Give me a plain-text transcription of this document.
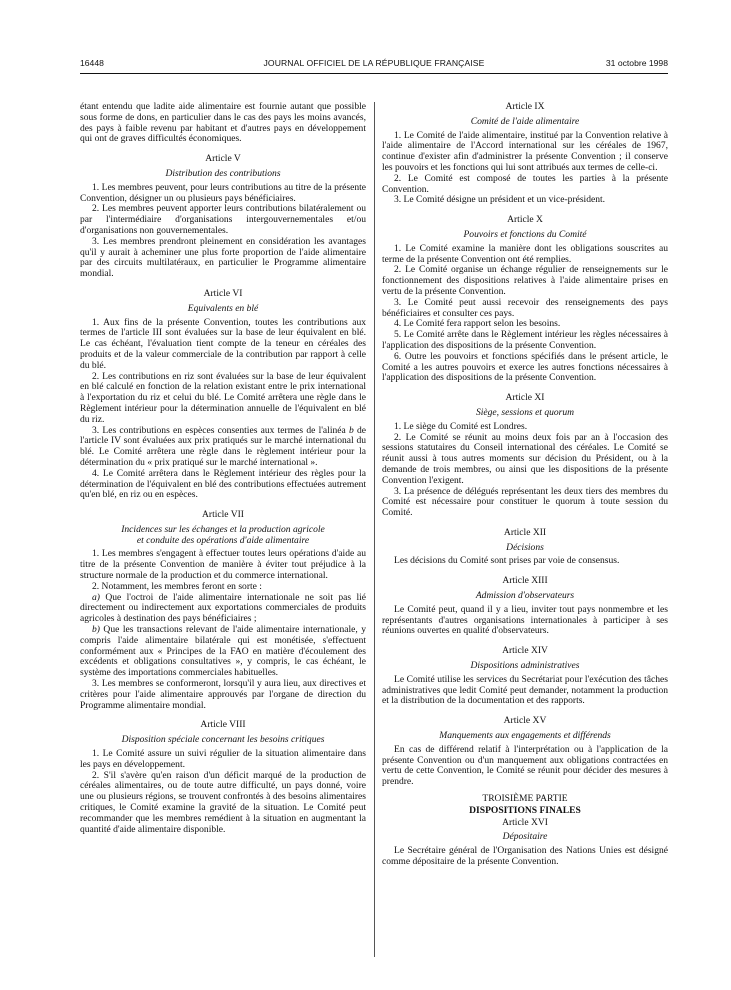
16448	JOURNAL OFFICIEL DE LA RÉPUBLIQUE FRANÇAISE	31 octobre 1998

étant entendu que ladite aide alimentaire est fournie autant que possible sous forme de dons, en particulier dans le cas des pays les moins avancés, des pays à faible revenu par habitant et d'autres pays en développement qui ont de graves difficultés économiques.

Article V
Distribution des contributions

1. Les membres peuvent, pour leurs contributions au titre de la présente Convention, désigner un ou plusieurs pays bénéficiaires.

2. Les membres peuvent apporter leurs contributions bilatéralement ou par l'intermédiaire d'organisations intergouvernementales et/ou d'organisations non gouvernementales.

3. Les membres prendront pleinement en considération les avantages qu'il y aurait à acheminer une plus forte proportion de l'aide alimentaire par des circuits multilatéraux, en particulier le Programme alimentaire mondial.

Article VI
Equivalents en blé

1. Aux fins de la présente Convention, toutes les contributions aux termes de l'article III sont évaluées sur la base de leur équivalent en blé. Le cas échéant, l'évaluation tient compte de la teneur en céréales des produits et de la valeur commerciale de la contribution par rapport à celle du blé.

2. Les contributions en riz sont évaluées sur la base de leur équivalent en blé calculé en fonction de la relation existant entre le prix international à l'exportation du riz et celui du blé. Le Comité arrêtera une règle dans le Règlement intérieur pour la détermination annuelle de l'équivalent en blé du riz.

3. Les contributions en espèces consenties aux termes de l'alinéa b de l'article IV sont évaluées aux prix pratiqués sur le marché international du blé. Le Comité arrêtera une règle dans le règlement intérieur pour la détermination du « prix pratiqué sur le marché international ».

4. Le Comité arrêtera dans le Règlement intérieur des règles pour la détermination de l'équivalent en blé des contributions effectuées autrement qu'en blé, en riz ou en espèces.

Article VII
Incidences sur les échanges et la production agricole
et conduite des opérations d'aide alimentaire

1. Les membres s'engagent à effectuer toutes leurs opérations d'aide au titre de la présente Convention de manière à éviter tout préjudice à la structure normale de la production et du commerce international.

2. Notamment, les membres feront en sorte :

a) Que l'octroi de l'aide alimentaire internationale ne soit pas lié directement ou indirectement aux exportations commerciales de produits agricoles à destination des pays bénéficiaires ;

b) Que les transactions relevant de l'aide alimentaire internationale, y compris l'aide alimentaire bilatérale qui est monétisée, s'effectuent conformément aux « Principes de la FAO en matière d'écoulement des excédents et obligations consultatives », y compris, le cas échéant, le système des importations commerciales habituelles.

3. Les membres se conformeront, lorsqu'il y aura lieu, aux directives et critères pour l'aide alimentaire approuvés par l'organe de direction du Programme alimentaire mondial.

Article VIII
Disposition spéciale concernant les besoins critiques

1. Le Comité assure un suivi régulier de la situation alimentaire dans les pays en développement.

2. S'il s'avère qu'en raison d'un déficit marqué de la production de céréales alimentaires, ou de toute autre difficulté, un pays donné, voire une ou plusieurs régions, se trouvent confrontés à des besoins alimentaires critiques, le Comité examine la gravité de la situation. Le Comité peut recommander que les membres remédient à la situation en augmentant la quantité d'aide alimentaire disponible.

Article IX
Comité de l'aide alimentaire

1. Le Comité de l'aide alimentaire, institué par la Convention relative à l'aide alimentaire de l'Accord international sur les céréales de 1967, continue d'exister afin d'administrer la présente Convention ; il conserve les pouvoirs et les fonctions qui lui sont attribués aux termes de celle-ci.

2. Le Comité est composé de toutes les parties à la présente Convention.

3. Le Comité désigne un président et un vice-président.

Article X
Pouvoirs et fonctions du Comité

1. Le Comité examine la manière dont les obligations souscrites au terme de la présente Convention ont été remplies.

2. Le Comité organise un échange régulier de renseignements sur le fonctionnement des dispositions relatives à l'aide alimentaire prises en vertu de la présente Convention.

3. Le Comité peut aussi recevoir des renseignements des pays bénéficiaires et consulter ces pays.

4. Le Comité fera rapport selon les besoins.

5. Le Comité arrête dans le Règlement intérieur les règles nécessaires à l'application des dispositions de la présente Convention.

6. Outre les pouvoirs et fonctions spécifiés dans le présent article, le Comité a les autres pouvoirs et exerce les autres fonctions nécessaires à l'application des dispositions de la présente Convention.

Article XI
Siège, sessions et quorum

1. Le siège du Comité est Londres.

2. Le Comité se réunit au moins deux fois par an à l'occasion des sessions statutaires du Conseil international des céréales. Le Comité se réunit aussi à tous autres moments sur décision du Président, ou à la demande de trois membres, ou ainsi que les dispositions de la présente Convention l'exigent.

3. La présence de délégués représentant les deux tiers des membres du Comité est nécessaire pour constituer le quorum à toute session du Comité.

Article XII
Décisions

Les décisions du Comité sont prises par voie de consensus.

Article XIII
Admission d'observateurs

Le Comité peut, quand il y a lieu, inviter tout pays nonmembre et les représentants d'autres organisations internationales à participer à ses réunions ouvertes en qualité d'observateurs.

Article XIV
Dispositions administratives

Le Comité utilise les services du Secrétariat pour l'exécution des tâches administratives que ledit Comité peut demander, notamment la production et la distribution de la documentation et des rapports.

Article XV
Manquements aux engagements et différends

En cas de différend relatif à l'interprétation ou à l'application de la présente Convention ou d'un manquement aux obligations contractées en vertu de cette Convention, le Comité se réunit pour décider des mesures à prendre.

TROISIÈME PARTIE
DISPOSITIONS FINALES
Article XVI
Dépositaire

Le Secrétaire général de l'Organisation des Nations Unies est désigné comme dépositaire de la présente Convention.
